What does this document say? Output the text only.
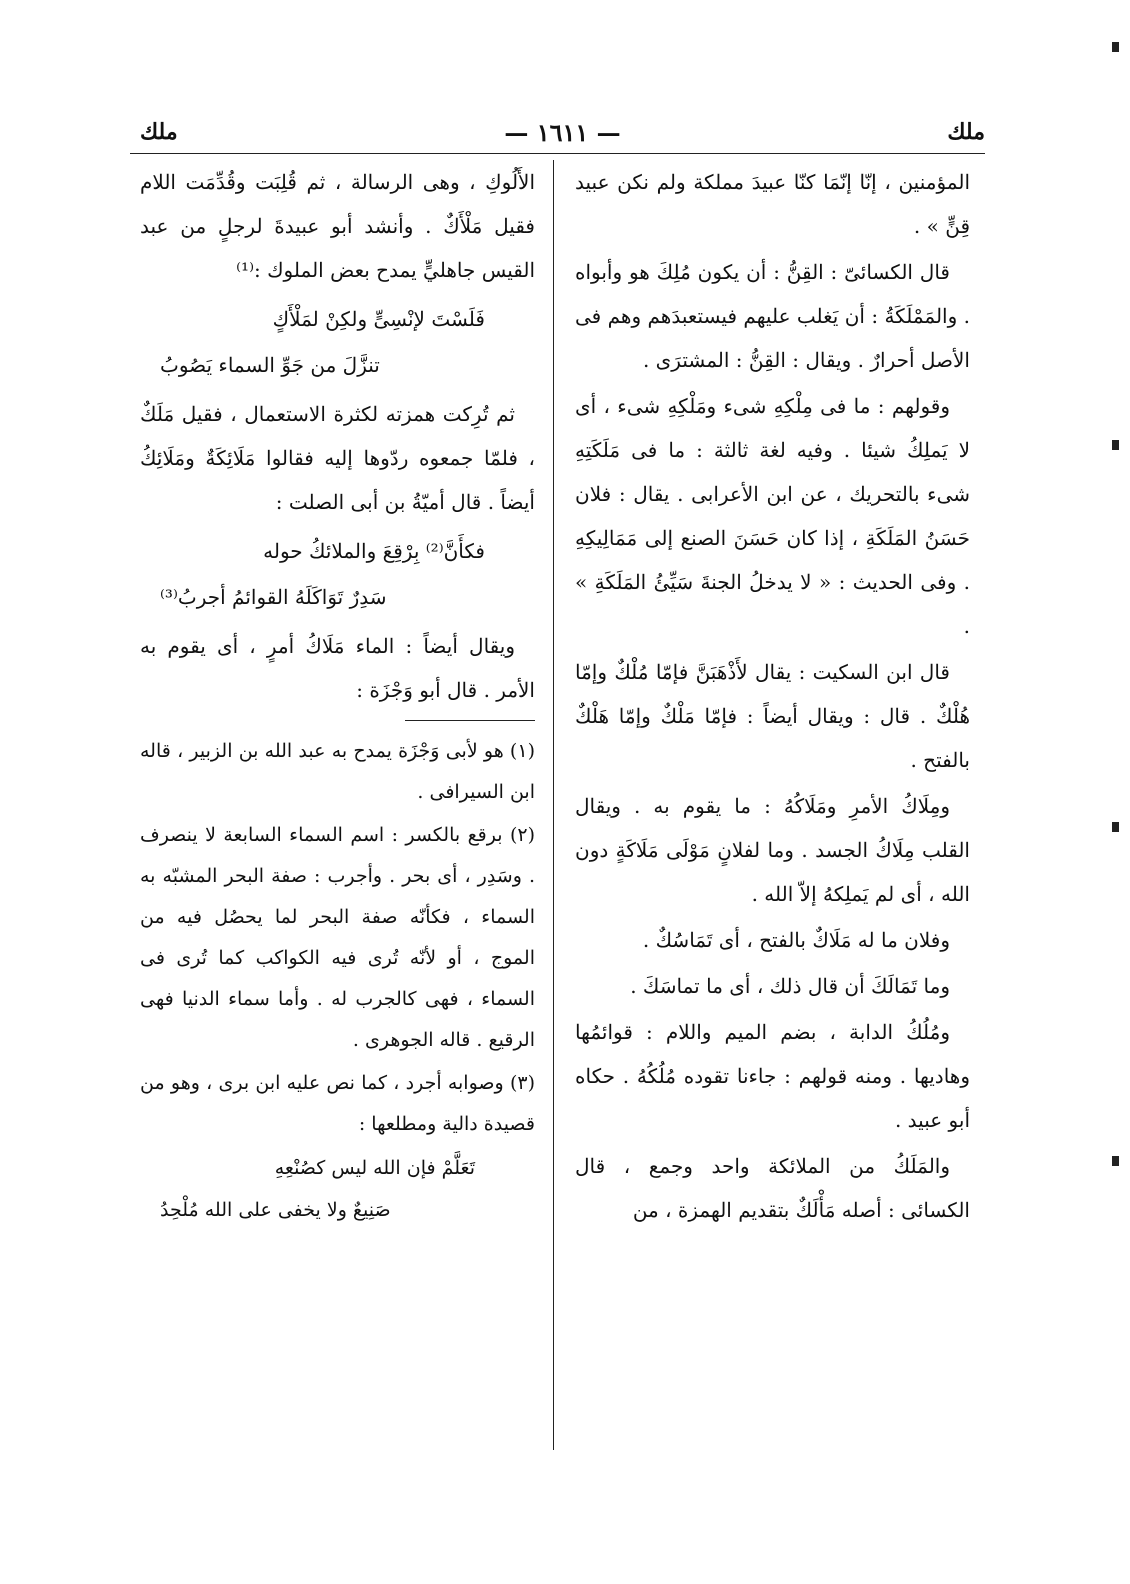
ملك
— ١٦١١ —
ملك

المؤمنين ، إنّا إنّمَا كنّا عبيدَ مملكة ولم نكن عبيد قِنٍّ » .

قال الكسائىّ : القِنُّ : أن يكون مُلِكَ هو وأبواه . والمَمْلَكَةُ : أن يَغلب عليهم فيستعبدَهم وهم فى الأصل أحرارٌ . ويقال : القِنُّ : المشترَى .

وقولهم : ما فى مِلْكِهِ شىء ومَلْكِهِ شىء ، أى لا يَملِكُ شيئا . وفيه لغة ثالثة : ما فى مَلَكَتِهِ شىء بالتحريك ، عن ابن الأعرابى . يقال : فلان حَسَنُ المَلَكَةِ ، إذا كان حَسَنَ الصنع إلى مَمَالِيكِهِ . وفى الحديث : « لا يدخلُ الجنةَ سَيِّئُ المَلَكَةِ » .

قال ابن السكيت : يقال لأَذْهَبَنَّ فإمّا مُلْكٌ وإمّا هُلْكٌ . قال : ويقال أيضاً : فإمّا مَلْكٌ وإمّا هَلْكٌ بالفتح .

ومِلَاكُ الأمرِ ومَلَاكُهُ : ما يقوم به . ويقال القلب مِلَاكُ الجسد . وما لفلانٍ مَوْلَى مَلَاكَةٍ دون الله ، أى لم يَملِكهُ إلاّ الله .

وفلان ما له مَلَاكٌ بالفتح ، أى تَمَاسُكٌ .

وما تَمَالَكَ أن قال ذلك ، أى ما تماسَكَ .

ومُلُكُ الدابة ، بضم الميم واللام : قوائمُها وهاديها . ومنه قولهم : جاءنا تقوده مُلُكُهُ . حكاه أبو عبيد .

والمَلَكُ من الملائكة واحد وجمع ، قال الكسائى : أصله مَأْلَكٌ بتقديم الهمزة ، من

الأَلُوكِ ، وهى الرسالة ، ثم قُلِبَت وقُدِّمَت اللام فقيل مَلْأَكٌ . وأنشد أبو عبيدةَ لرجلٍ من عبد القيس جاهليٍّ يمدح بعض الملوك :⁽¹⁾

فَلَسْتَ لإنْسِىٍّ ولكِنْ لمَلْأَكٍ
تنزَّلَ من جَوِّ السماء يَصُوبُ

ثم تُرِكت همزته لكثرة الاستعمال ، فقيل مَلَكٌ ، فلمّا جمعوه ردّوها إليه فقالوا مَلَائِكَةٌ ومَلَائِكُ أيضاً . قال أميّةُ بن أبى الصلت :

فكأَنَّ⁽²⁾ بِرْقِعَ والملائكُ حوله
سَدِرٌ تَوَاكَلَهُ القوائمُ أجربُ⁽³⁾

ويقال أيضاً : الماء مَلَاكُ أمرٍ ، أى يقوم به الأمر . قال أبو وَجْزَة :

(١) هو لأبى وَجْزَة يمدح به عبد الله بن الزبير ، قاله ابن السيرافى .

(٢) برقع بالكسر : اسم السماء السابعة لا ينصرف . وسَدِر ، أى بحر . وأجرب : صفة البحر المشبّه به السماء ، فكأنّه صفة البحر لما يحصُل فيه من الموج ، أو لأنّه تُرى فيه الكواكب كما تُرى فى السماء ، فهى كالجرب له . وأما سماء الدنيا فهى الرقيع . قاله الجوهرى .

(٣) وصوابه أجرد ، كما نص عليه ابن برى ، وهو من قصيدة دالية ومطلعها :

تَعَلَّمْ فإن الله ليس كصُنْعِهِ
صَنِيعٌ ولا يخفى على الله مُلْحِدُ
